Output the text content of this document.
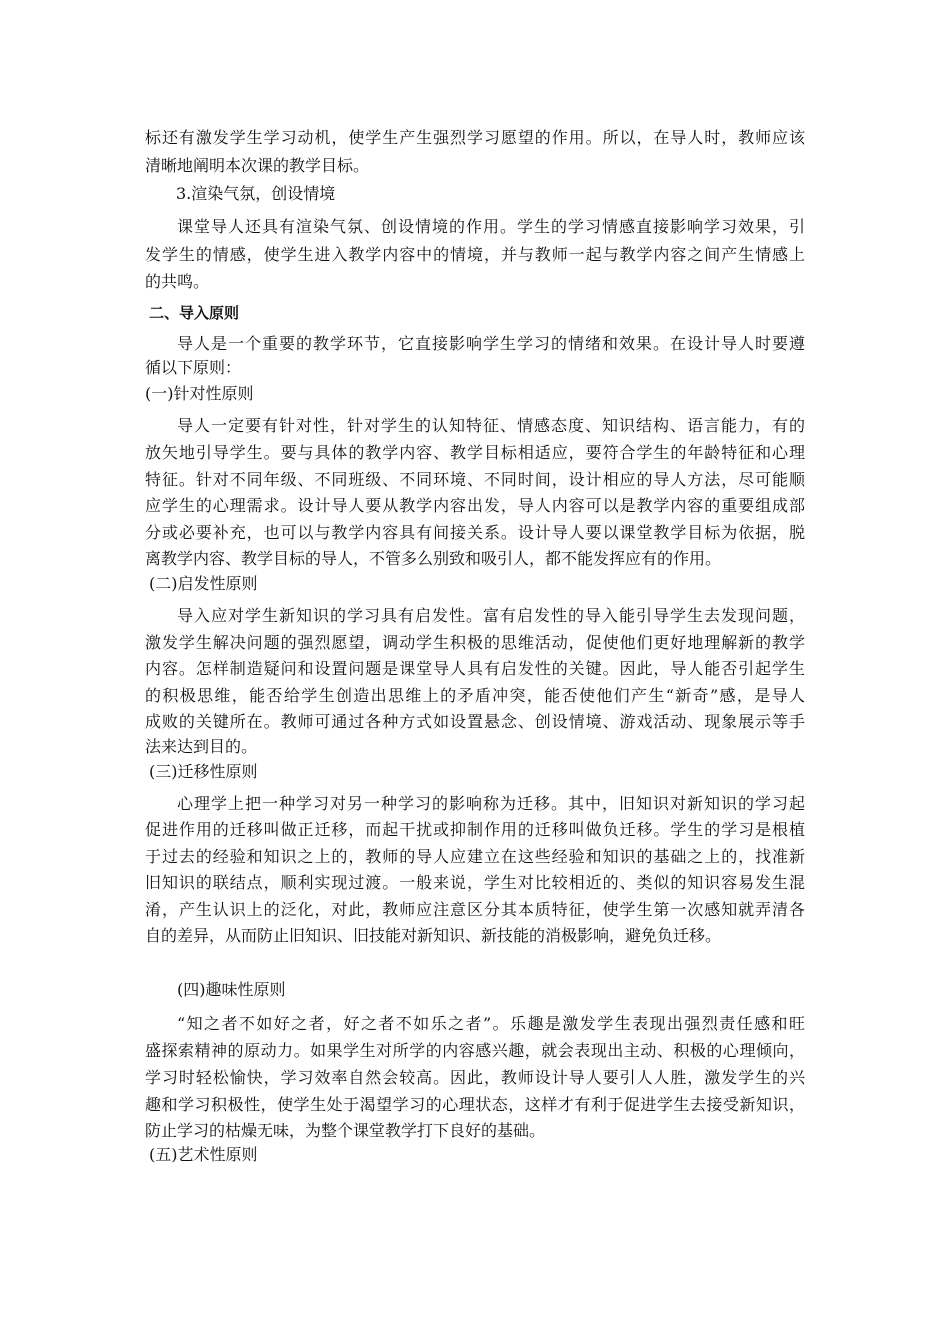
标还有激发学生学习动机，使学生产生强烈学习愿望的作用。所以，在导人时，教师应该

清晰地阐明本次课的教学目标。

3.渲染气氛，创设情境

课堂导人还具有渲染气氛、创设情境的作用。学生的学习情感直接影响学习效果，引

发学生的情感，使学生进入教学内容中的情境，并与教师一起与教学内容之间产生情感上

的共鸣。

二、导入原则

导人是一个重要的教学环节，它直接影响学生学习的情绪和效果。在设计导人时要遵

循以下原则：

(一)针对性原则

导人一定要有针对性，针对学生的认知特征、情感态度、知识结构、语言能力，有的

放矢地引导学生。要与具体的教学内容、教学目标相适应，要符合学生的年龄特征和心理

特征。针对不同年级、不同班级、不同环境、不同时间，设计相应的导人方法，尽可能顺

应学生的心理需求。设计导人要从教学内容出发，导人内容可以是教学内容的重要组成部

分或必要补充，也可以与教学内容具有间接关系。设计导人要以课堂教学目标为依据，脱

离教学内容、教学目标的导人，不管多么别致和吸引人，都不能发挥应有的作用。

(二)启发性原则

导入应对学生新知识的学习具有启发性。富有启发性的导入能引导学生去发现问题，

激发学生解决问题的强烈愿望，调动学生积极的思维活动，促使他们更好地理解新的教学

内容。怎样制造疑问和设置问题是课堂导人具有启发性的关键。因此，导人能否引起学生

的积极思维，能否给学生创造出思维上的矛盾冲突，能否使他们产生“新奇”感，是导人

成败的关键所在。教师可通过各种方式如设置悬念、创设情境、游戏活动、现象展示等手

法来达到目的。

(三)迁移性原则

心理学上把一种学习对另一种学习的影响称为迁移。其中，旧知识对新知识的学习起

促进作用的迁移叫做正迁移，而起干扰或抑制作用的迁移叫做负迁移。学生的学习是根植

于过去的经验和知识之上的，教师的导人应建立在这些经验和知识的基础之上的，找准新

旧知识的联结点，顺利实现过渡。一般来说，学生对比较相近的、类似的知识容易发生混

淆，产生认识上的泛化，对此，教师应注意区分其本质特征，使学生第一次感知就弄清各

自的差异，从而防止旧知识、旧技能对新知识、新技能的消极影响，避免负迁移。

(四)趣味性原则

“知之者不如好之者，好之者不如乐之者”。乐趣是激发学生表现出强烈责任感和旺

盛探索精神的原动力。如果学生对所学的内容感兴趣，就会表现出主动、积极的心理倾向，

学习时轻松愉快，学习效率自然会较高。因此，教师设计导人要引人人胜，激发学生的兴

趣和学习积极性，使学生处于渴望学习的心理状态，这样才有利于促进学生去接受新知识，

防止学习的枯燥无味，为整个课堂教学打下良好的基础。

(五)艺术性原则
